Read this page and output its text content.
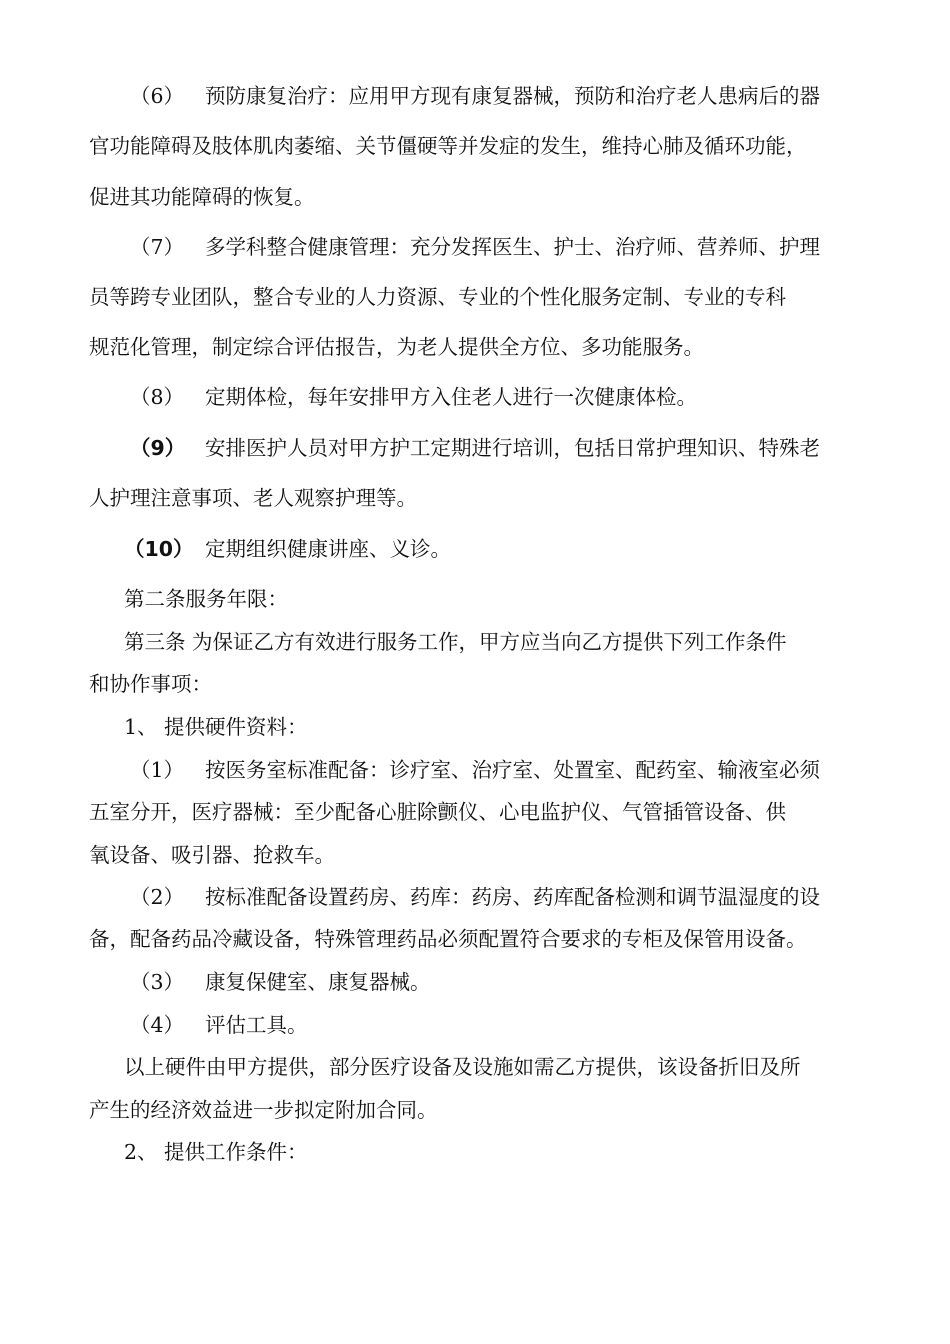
（6） 预防康复治疗：应用甲方现有康复器械，预防和治疗老人患病后的器
官功能障碍及肢体肌肉萎缩、关节僵硬等并发症的发生，维持心肺及循环功能，
促进其功能障碍的恢复。
（7） 多学科整合健康管理：充分发挥医生、护士、治疗师、营养师、护理
员等跨专业团队，整合专业的人力资源、专业的个性化服务定制、专业的专科
规范化管理，制定综合评估报告，为老人提供全方位、多功能服务。
（8） 定期体检，每年安排甲方入住老人进行一次健康体检。
（9） 安排医护人员对甲方护工定期进行培训，包括日常护理知识、特殊老
人护理注意事项、老人观察护理等。
（10） 定期组织健康讲座、义诊。
第二条服务年限：
第三条 为保证乙方有效进行服务工作，甲方应当向乙方提供下列工作条件
和协作事项：
1、 提供硬件资料：
（1） 按医务室标准配备：诊疗室、治疗室、处置室、配药室、输液室必须
五室分开，医疗器械：至少配备心脏除颤仪、心电监护仪、气管插管设备、供
氧设备、吸引器、抢救车。
（2） 按标准配备设置药房、药库：药房、药库配备检测和调节温湿度的设
备，配备药品冷藏设备，特殊管理药品必须配置符合要求的专柜及保管用设备。
（3） 康复保健室、康复器械。
（4） 评估工具。
以上硬件由甲方提供，部分医疗设备及设施如需乙方提供，该设备折旧及所
产生的经济效益进一步拟定附加合同。
2、 提供工作条件：
